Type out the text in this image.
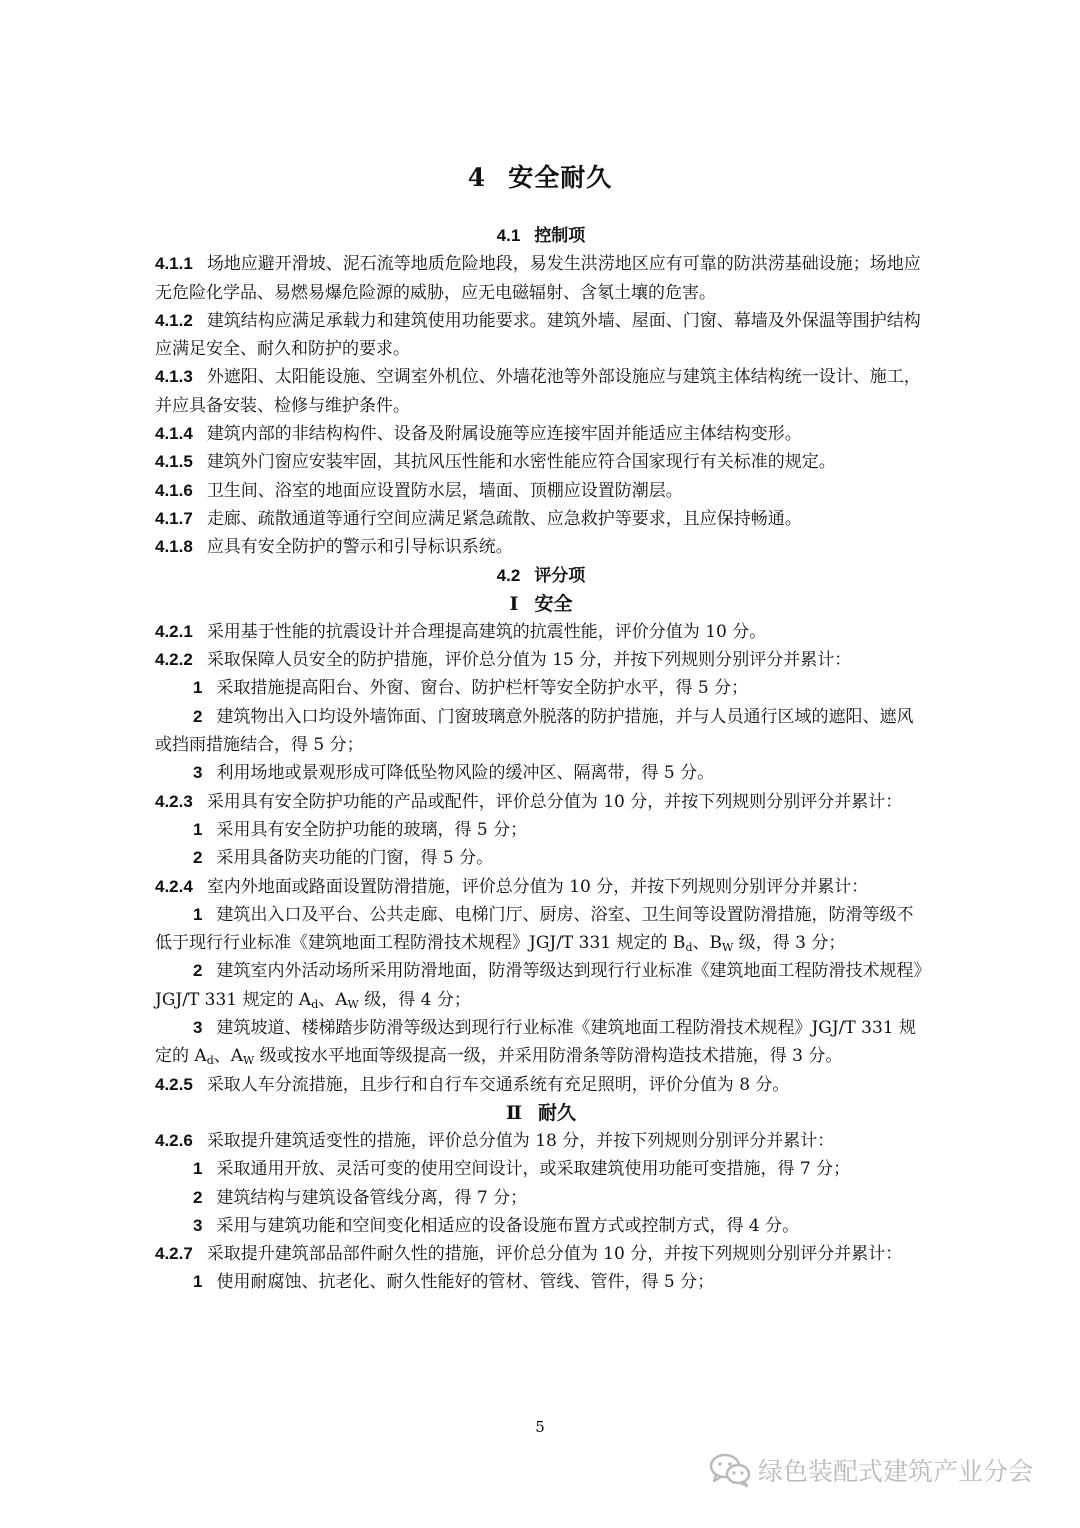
4 安全耐久
4.1 控制项
4.1.1 场地应避开滑坡、泥石流等地质危险地段，易发生洪涝地区应有可靠的防洪涝基础设施；场地应无危险化学品、易燃易爆危险源的威胁，应无电磁辐射、含氡土壤的危害。
4.1.2 建筑结构应满足承载力和建筑使用功能要求。建筑外墙、屋面、门窗、幕墙及外保温等围护结构应满足安全、耐久和防护的要求。
4.1.3 外遮阳、太阳能设施、空调室外机位、外墙花池等外部设施应与建筑主体结构统一设计、施工，并应具备安装、检修与维护条件。
4.1.4 建筑内部的非结构构件、设备及附属设施等应连接牢固并能适应主体结构变形。
4.1.5 建筑外门窗应安装牢固，其抗风压性能和水密性能应符合国家现行有关标准的规定。
4.1.6 卫生间、浴室的地面应设置防水层，墙面、顶棚应设置防潮层。
4.1.7 走廊、疏散通道等通行空间应满足紧急疏散、应急救护等要求，且应保持畅通。
4.1.8 应具有安全防护的警示和引导标识系统。
4.2 评分项
Ⅰ 安全
4.2.1 采用基于性能的抗震设计并合理提高建筑的抗震性能，评价分值为 10 分。
4.2.2 采取保障人员安全的防护措施，评价总分值为 15 分，并按下列规则分别评分并累计：
1 采取措施提高阳台、外窗、窗台、防护栏杆等安全防护水平，得 5 分；
2 建筑物出入口均设外墙饰面、门窗玻璃意外脱落的防护措施，并与人员通行区域的遮阳、遮风或挡雨措施结合，得 5 分；
3 利用场地或景观形成可降低坠物风险的缓冲区、隔离带，得 5 分。
4.2.3 采用具有安全防护功能的产品或配件，评价总分值为 10 分，并按下列规则分别评分并累计：
1 采用具有安全防护功能的玻璃，得 5 分；
2 采用具备防夹功能的门窗，得 5 分。
4.2.4 室内外地面或路面设置防滑措施，评价总分值为 10 分，并按下列规则分别评分并累计：
1 建筑出入口及平台、公共走廊、电梯门厅、厨房、浴室、卫生间等设置防滑措施，防滑等级不低于现行行业标准《建筑地面工程防滑技术规程》JGJ/T 331 规定的 $B_d$、$B_W$ 级，得 3 分；
2 建筑室内外活动场所采用防滑地面，防滑等级达到现行行业标准《建筑地面工程防滑技术规程》JGJ/T 331 规定的 $A_d$、$A_W$ 级，得 4 分；
3 建筑坡道、楼梯踏步防滑等级达到现行行业标准《建筑地面工程防滑技术规程》JGJ/T 331 规定的 $A_d$、$A_W$ 级或按水平地面等级提高一级，并采用防滑条等防滑构造技术措施，得 3 分。
4.2.5 采取人车分流措施，且步行和自行车交通系统有充足照明，评价分值为 8 分。
Ⅱ 耐久
4.2.6 采取提升建筑适变性的措施，评价总分值为 18 分，并按下列规则分别评分并累计：
1 采取通用开放、灵活可变的使用空间设计，或采取建筑使用功能可变措施，得 7 分；
2 建筑结构与建筑设备管线分离，得 7 分；
3 采用与建筑功能和空间变化相适应的设备设施布置方式或控制方式，得 4 分。
4.2.7 采取提升建筑部品部件耐久性的措施，评价总分值为 10 分，并按下列规则分别评分并累计：
1 使用耐腐蚀、抗老化、耐久性能好的管材、管线、管件，得 5 分；
5
绿色装配式建筑产业分会
